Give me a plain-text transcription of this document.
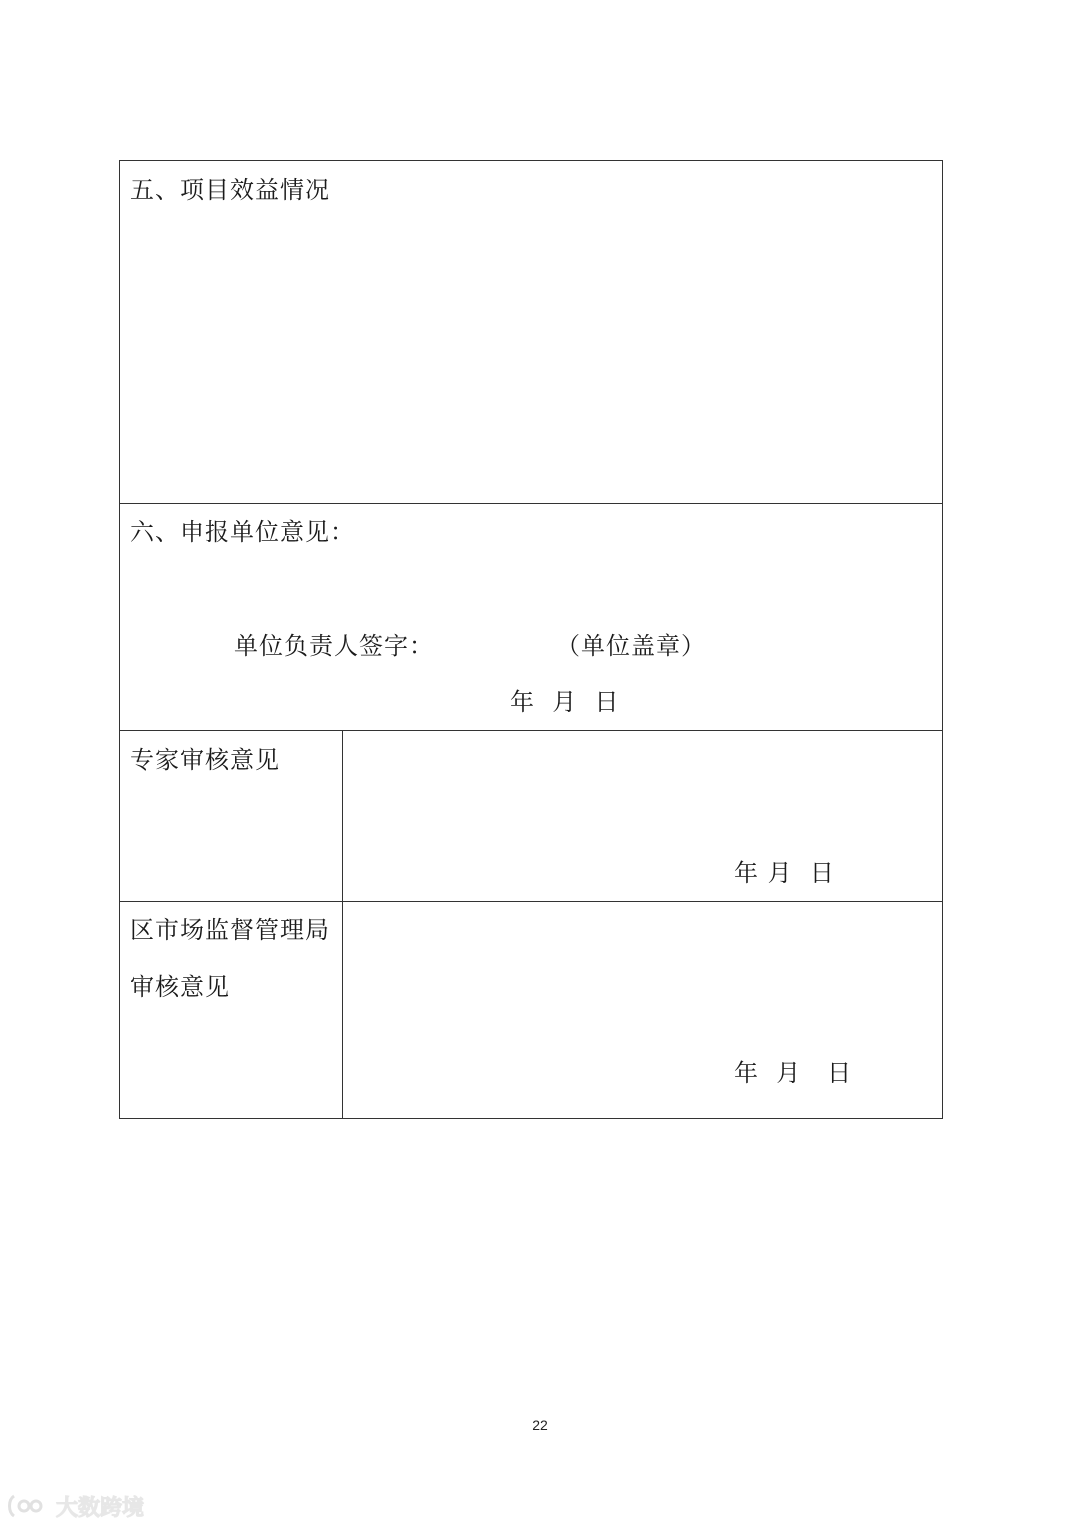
五、项目效益情况
六、申报单位意见：
单位负责人签字：	（单位盖章）
年  月  日
专家审核意见
年 月  日
区市场监督管理局
审核意见
年  月   日
22
大数跨境
